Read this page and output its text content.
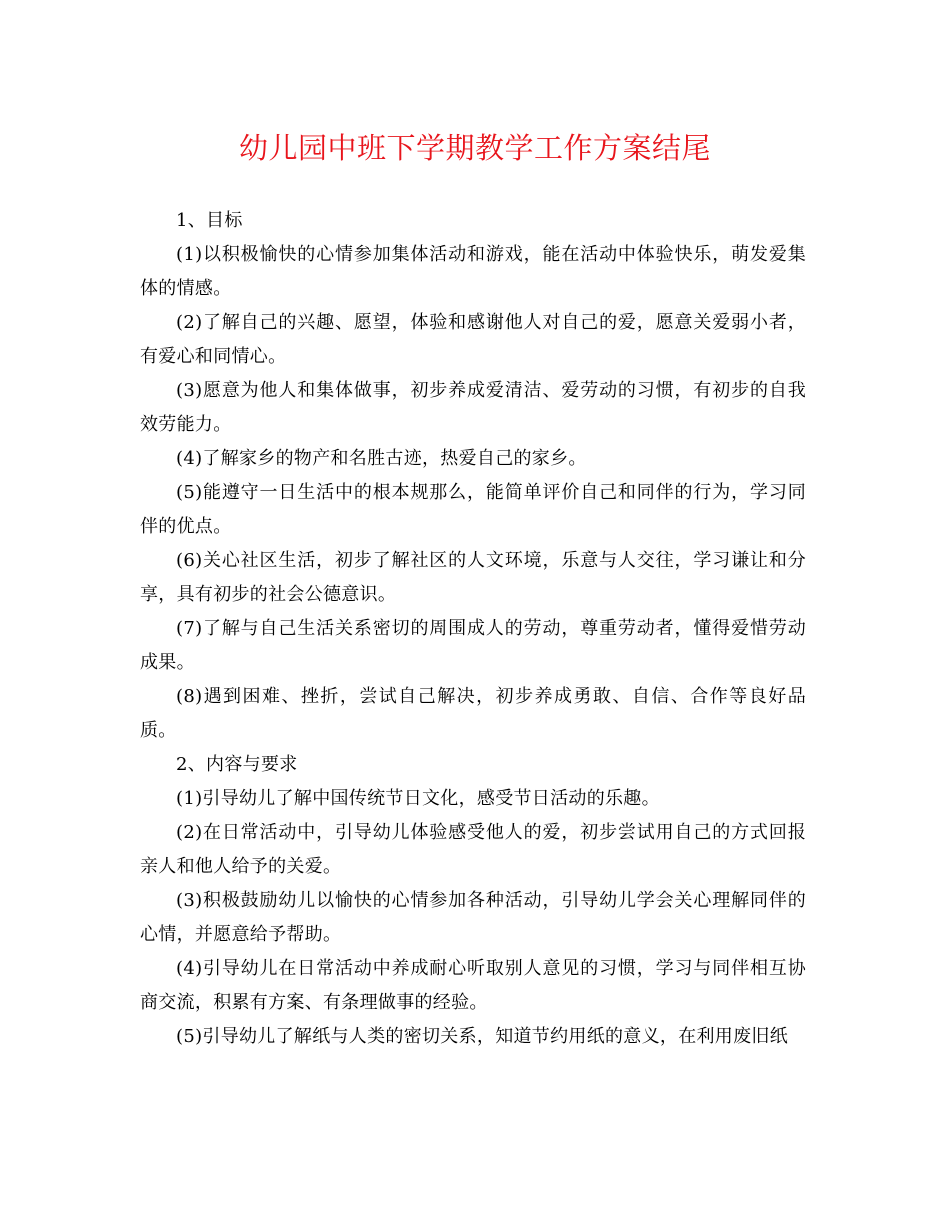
幼儿园中班下学期教学工作方案结尾

1、目标

(1)以积极愉快的心情参加集体活动和游戏，能在活动中体验快乐，萌发爱集体的情感。

(2)了解自己的兴趣、愿望，体验和感谢他人对自己的爱，愿意关爱弱小者，有爱心和同情心。

(3)愿意为他人和集体做事，初步养成爱清洁、爱劳动的习惯，有初步的自我效劳能力。

(4)了解家乡的物产和名胜古迹，热爱自己的家乡。

(5)能遵守一日生活中的根本规那么，能简单评价自己和同伴的行为，学习同伴的优点。

(6)关心社区生活，初步了解社区的人文环境，乐意与人交往，学习谦让和分享，具有初步的社会公德意识。

(7)了解与自己生活关系密切的周围成人的劳动，尊重劳动者，懂得爱惜劳动成果。

(8)遇到困难、挫折，尝试自己解决，初步养成勇敢、自信、合作等良好品质。

2、内容与要求

(1)引导幼儿了解中国传统节日文化，感受节日活动的乐趣。

(2)在日常活动中，引导幼儿体验感受他人的爱，初步尝试用自己的方式回报亲人和他人给予的关爱。

(3)积极鼓励幼儿以愉快的心情参加各种活动，引导幼儿学会关心理解同伴的心情，并愿意给予帮助。

(4)引导幼儿在日常活动中养成耐心听取别人意见的习惯，学习与同伴相互协商交流，积累有方案、有条理做事的经验。

(5)引导幼儿了解纸与人类的密切关系，知道节约用纸的意义，在利用废旧纸
